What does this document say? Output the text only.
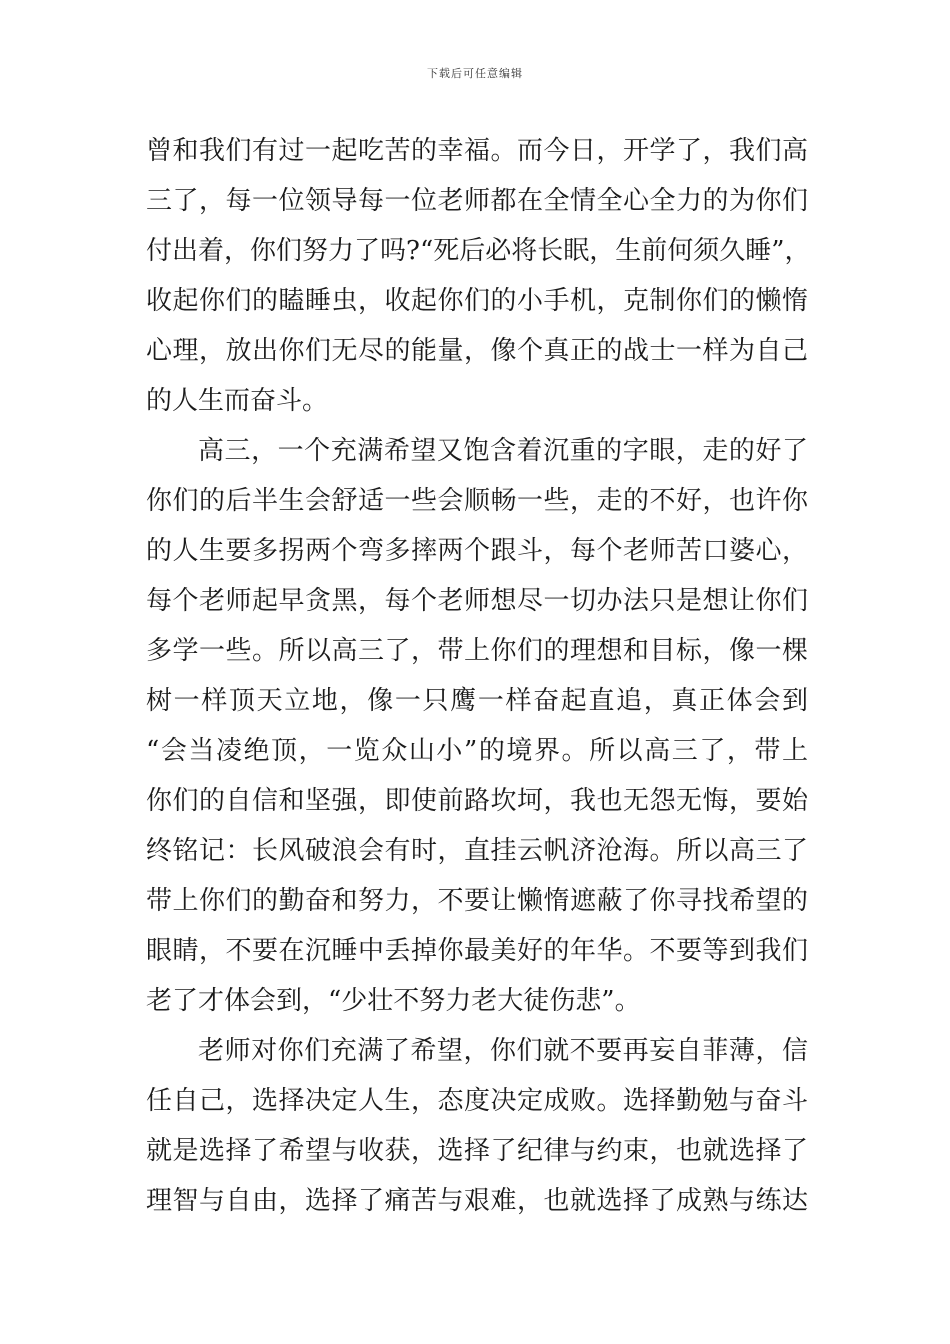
下载后可任意编辑
曾和我们有过一起吃苦的幸福。而今日，开学了，我们高
三了，每一位领导每一位老师都在全情全心全力的为你们
付出着，你们努力了吗?“死后必将长眠，生前何须久睡”，
收起你们的瞌睡虫，收起你们的小手机，克制你们的懒惰
心理，放出你们无尽的能量，像个真正的战士一样为自己
的人生而奋斗。
高三，一个充满希望又饱含着沉重的字眼，走的好了
你们的后半生会舒适一些会顺畅一些，走的不好，也许你
的人生要多拐两个弯多摔两个跟斗，每个老师苦口婆心，
每个老师起早贪黑，每个老师想尽一切办法只是想让你们
多学一些。所以高三了，带上你们的理想和目标，像一棵
树一样顶天立地，像一只鹰一样奋起直追，真正体会到
“会当凌绝顶，一览众山小”的境界。所以高三了，带上
你们的自信和坚强，即使前路坎坷，我也无怨无悔，要始
终铭记：长风破浪会有时，直挂云帆济沧海。所以高三了
带上你们的勤奋和努力，不要让懒惰遮蔽了你寻找希望的
眼睛，不要在沉睡中丢掉你最美好的年华。不要等到我们
老了才体会到，“少壮不努力老大徒伤悲”。
老师对你们充满了希望，你们就不要再妄自菲薄，信
任自己，选择决定人生，态度决定成败。选择勤勉与奋斗
就是选择了希望与收获，选择了纪律与约束，也就选择了
理智与自由，选择了痛苦与艰难，也就选择了成熟与练达
